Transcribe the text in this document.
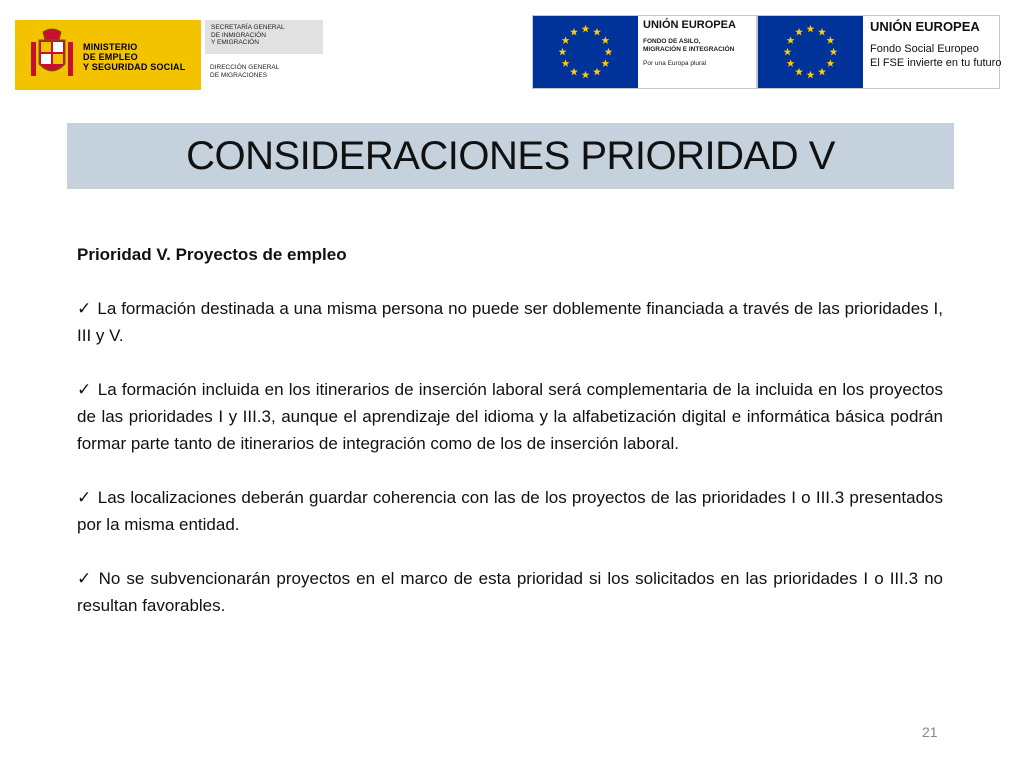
MINISTERIO
DE EMPLEO
Y SEGURIDAD SOCIAL
SECRETARÍA GENERAL
DE INMIGRACIÓN
Y EMIGRACIÓN
DIRECCIÓN GENERAL
DE MIGRACIONES
UNIÓN EUROPEA
FONDO DE ASILO,
MIGRACIÓN E INTEGRACIÓN
Por una Europa plural
UNIÓN EUROPEA
Fondo Social Europeo
El FSE invierte en tu futuro
CONSIDERACIONES PRIORIDAD V

Prioridad V. Proyectos de empleo

✓ La formación destinada a una misma persona no puede ser doblemente financiada a través de las prioridades I, III y V.

✓ La formación incluida en los itinerarios de inserción laboral será complementaria de la incluida en los proyectos de las prioridades I y III.3, aunque el aprendizaje del idioma y la alfabetización digital e informática básica podrán formar parte tanto de itinerarios de integración como de los de inserción laboral.

✓ Las localizaciones deberán guardar coherencia con las de los proyectos de las prioridades I o III.3 presentados por la misma entidad.

✓ No se subvencionarán proyectos en el marco de esta prioridad si los solicitados en las prioridades I o III.3 no resultan favorables.

21
